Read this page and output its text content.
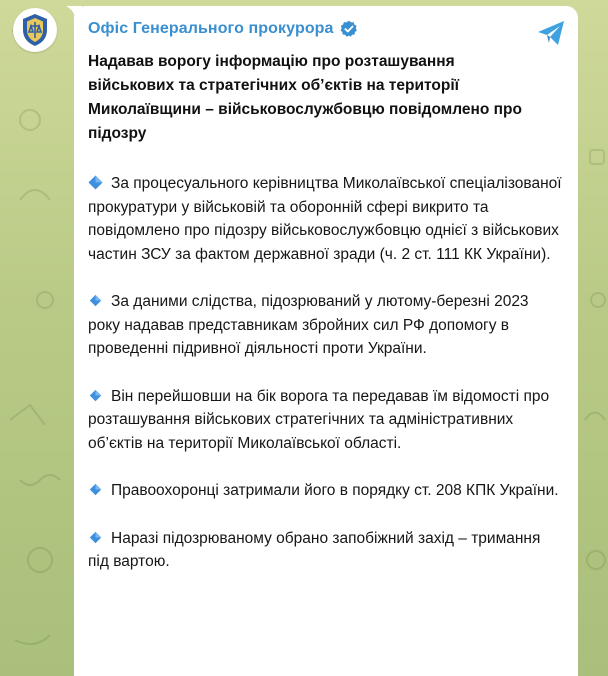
Офіс Генерального прокурора
Надавав ворогу інформацію про розташування військових та стратегічних об’єктів на території Миколаївщини – військовослужбовцю повідомлено про підозру

За процесуального керівництва Миколаївської спеціалізованої прокуратури у військовій та оборонній сфері викрито та повідомлено про підозру військовослужбовцю однієї з військових частин ЗСУ за фактом державної зради (ч. 2 ст. 111 КК України).

За даними слідства, підозрюваний у лютому-березні 2023 року надавав представникам збройних сил РФ допомогу в проведенні підривної діяльності проти України.

Він перейшовши на бік ворога та передавав їм відомості про розташування військових стратегічних та адміністративних об’єктів на території Миколаївської області.

Правоохоронці затримали його в порядку ст. 208 КПК України.

Наразі підозрюваному обрано запобіжний захід – тримання під вартою.
